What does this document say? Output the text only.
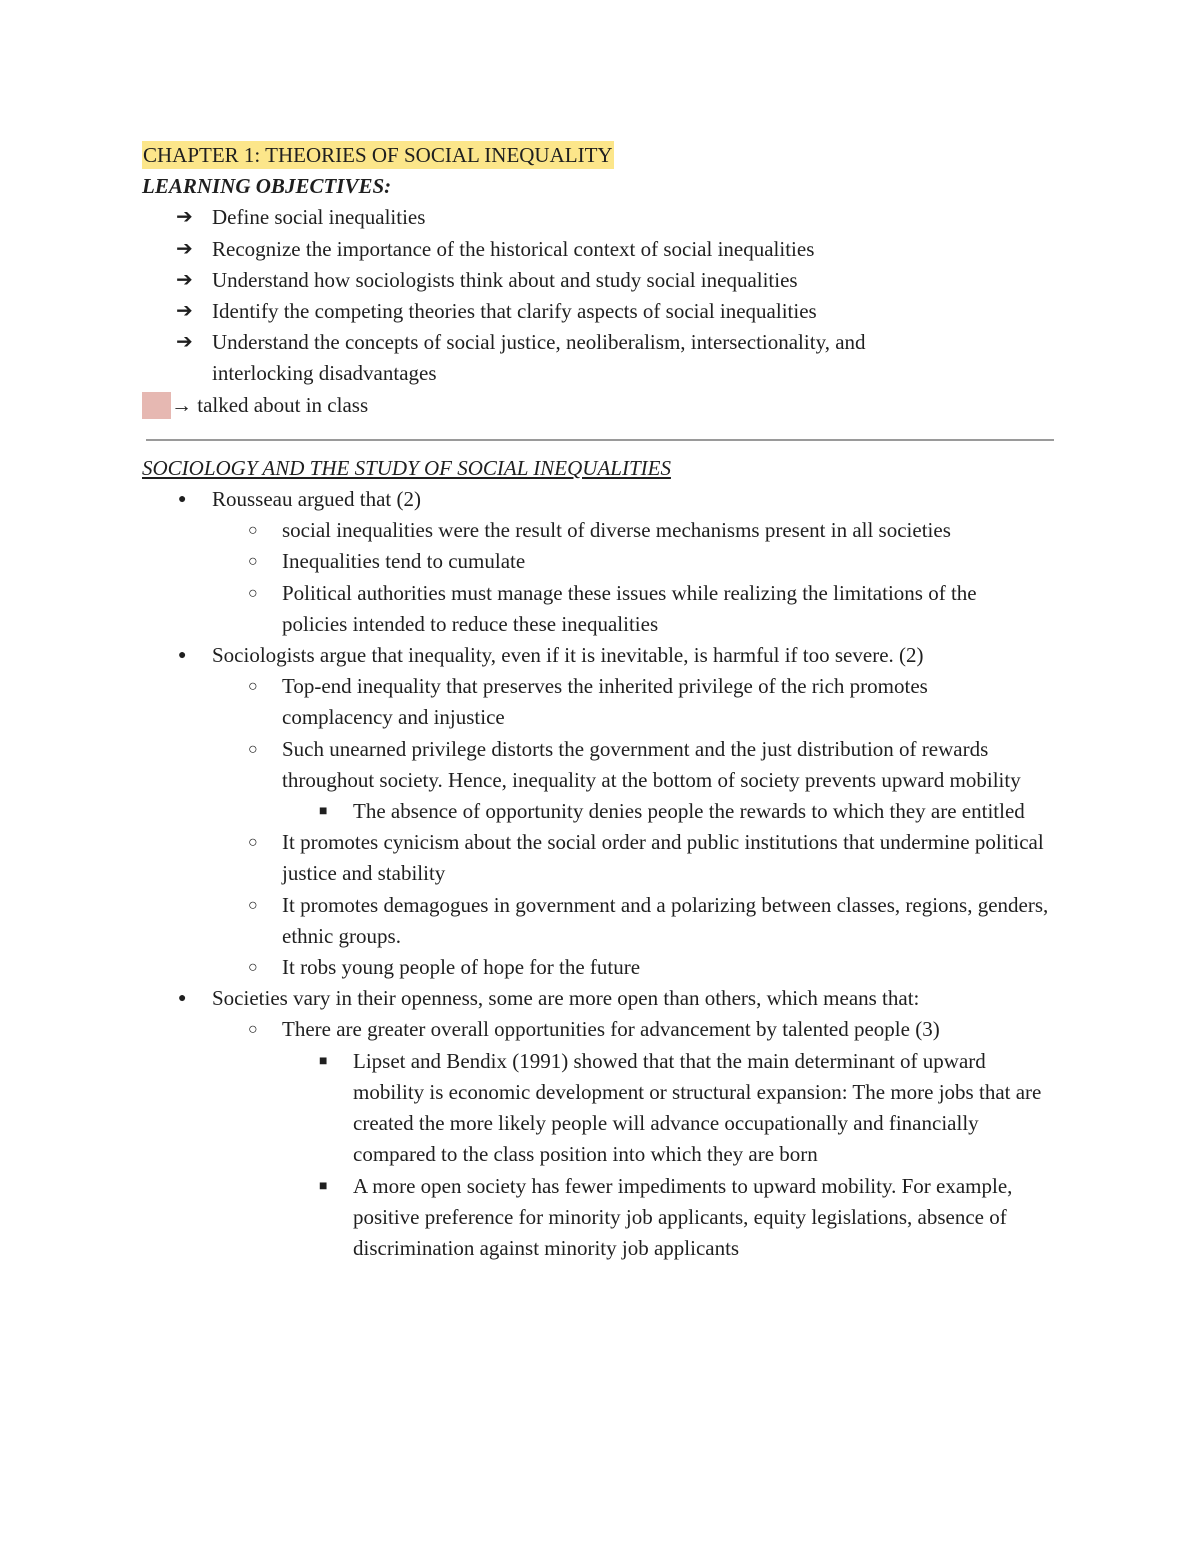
CHAPTER 1: THEORIES OF SOCIAL INEQUALITY
LEARNING OBJECTIVES:
➔ Define social inequalities
➔ Recognize the importance of the historical context of social inequalities
➔ Understand how sociologists think about and study social inequalities
➔ Identify the competing theories that clarify aspects of social inequalities
➔ Understand the concepts of social justice, neoliberalism, intersectionality, and interlocking disadvantages
→ talked about in class
SOCIOLOGY AND THE STUDY OF SOCIAL INEQUALITIES
●	Rousseau argued that (2)
○	social inequalities were the result of diverse mechanisms present in all societies
○	Inequalities tend to cumulate
○	Political authorities must manage these issues while realizing the limitations of the policies intended to reduce these inequalities
●	Sociologists argue that inequality, even if it is inevitable, is harmful if too severe. (2)
○	Top-end inequality that preserves the inherited privilege of the rich promotes complacency and injustice
○	Such unearned privilege distorts the government and the just distribution of rewards throughout society. Hence, inequality at the bottom of society prevents upward mobility
■	The absence of opportunity denies people the rewards to which they are entitled
○	It promotes cynicism about the social order and public institutions that undermine political justice and stability
○	It promotes demagogues in government and a polarizing between classes, regions, genders, ethnic groups.
○	It robs young people of hope for the future
●	Societies vary in their openness, some are more open than others, which means that:
○	There are greater overall opportunities for advancement by talented people (3)
■	Lipset and Bendix (1991) showed that that the main determinant of upward mobility is economic development or structural expansion: The more jobs that are created the more likely people will advance occupationally and financially compared to the class position into which they are born
■	A more open society has fewer impediments to upward mobility. For example, positive preference for minority job applicants, equity legislations, absence of discrimination against minority job applicants
